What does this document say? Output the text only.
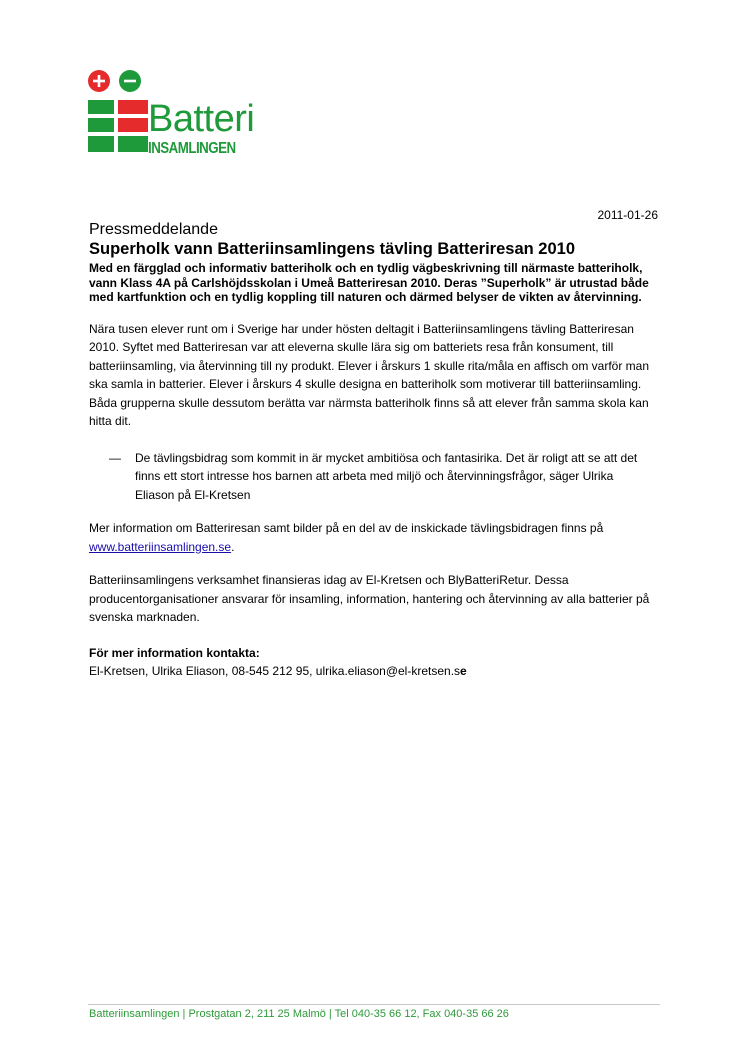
Batteri
INSAMLINGEN
2011-01-26

Pressmeddelande

Superholk vann Batteriinsamlingens tävling Batteriresan 2010

Med en färgglad och informativ batteriholk och en tydlig vägbeskrivning till närmaste batteriholk, vann Klass 4A på Carlshöjdsskolan i Umeå Batteriresan 2010. Deras ”Superholk” är utrustad både med kartfunktion och en tydlig koppling till naturen och därmed belyser de vikten av återvinning.

Nära tusen elever runt om i Sverige har under hösten deltagit i Batteriinsamlingens tävling Batteriresan 2010. Syftet med Batteriresan var att eleverna skulle lära sig om batteriets resa från konsument, till batteriinsamling, via återvinning till ny produkt. Elever i årskurs 1 skulle rita/måla en affisch om varför man ska samla in batterier. Elever i årskurs 4 skulle designa en batteriholk som motiverar till batteriinsamling. Båda grupperna skulle dessutom berätta var närmsta batteriholk finns så att elever från samma skola kan hitta dit.

—	De tävlingsbidrag som kommit in är mycket ambitiösa och fantasirika. Det är roligt att se att det finns ett stort intresse hos barnen att arbeta med miljö och återvinningsfrågor, säger Ulrika Eliason på El-Kretsen

Mer information om Batteriresan samt bilder på en del av de inskickade tävlingsbidragen finns på
www.batteriinsamlingen.se.

Batteriinsamlingens verksamhet finansieras idag av El-Kretsen och BlyBatteriRetur. Dessa producentorganisationer ansvarar för insamling, information, hantering och återvinning av alla batterier på svenska marknaden.

För mer information kontakta:

El-Kretsen, Ulrika Eliason, 08-545 212 95, ulrika.eliason@el-kretsen.se

Batteriinsamlingen | Prostgatan 2, 211 25 Malmö | Tel 040-35 66 12, Fax 040-35 66 26
